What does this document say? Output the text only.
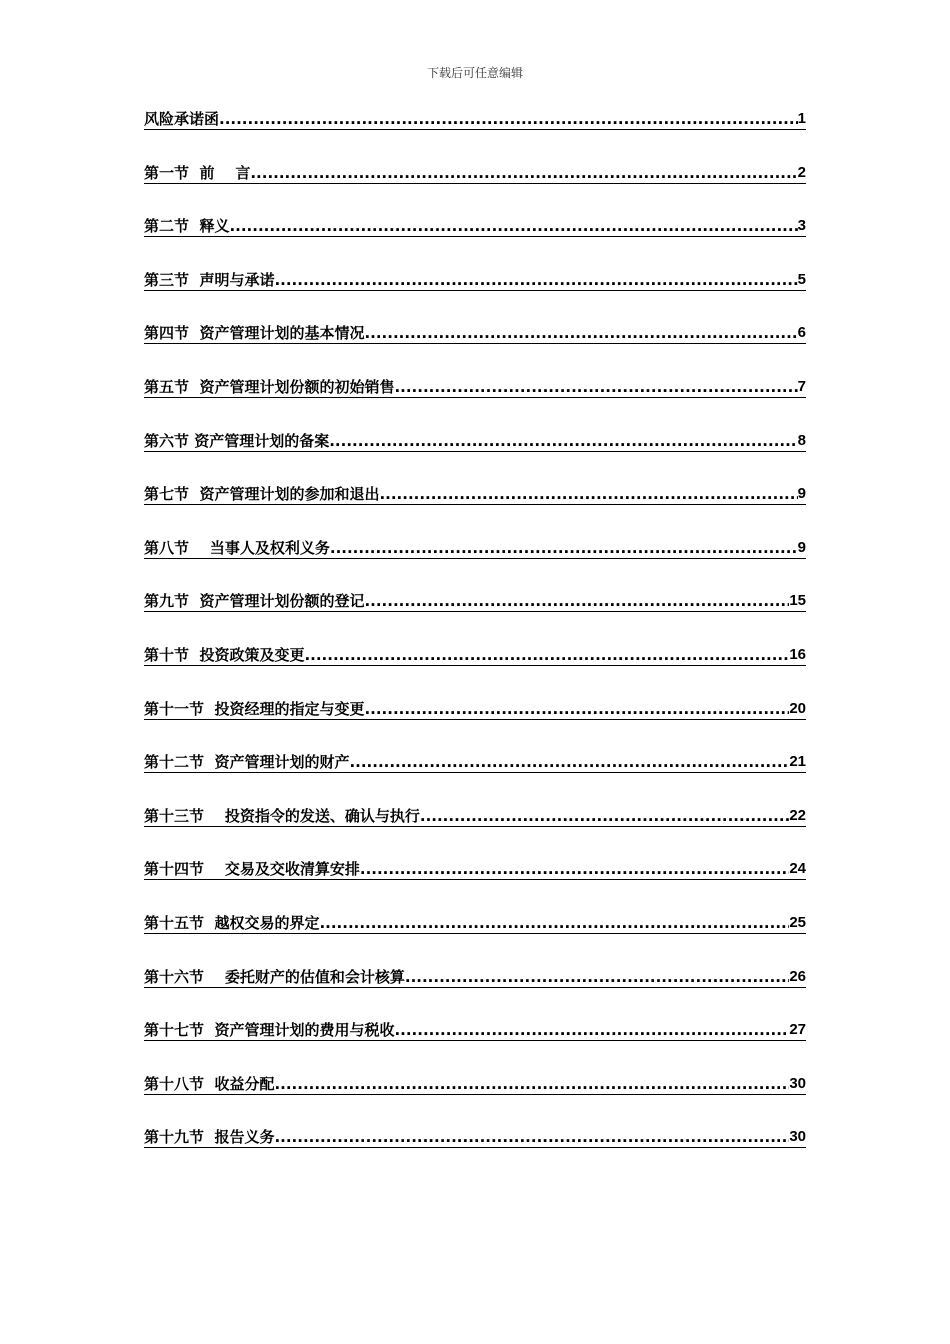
下载后可任意编辑
风险承诺函 .....	1
第一节  前    言 .....	2
第二节  释义 .....	3
第三节  声明与承诺 .....	5
第四节  资产管理计划的基本情况 .....	6
第五节  资产管理计划份额的初始销售 .....	7
第六节 资产管理计划的备案 .....	8
第七节  资产管理计划的参加和退出 .....	9
第八节    当事人及权利义务 .....	9
第九节  资产管理计划份额的登记 .....	15
第十节  投资政策及变更 .....	16
第十一节  投资经理的指定与变更 .....	20
第十二节  资产管理计划的财产 .....	21
第十三节    投资指令的发送、确认与执行 .....	22
第十四节    交易及交收清算安排 .....	24
第十五节  越权交易的界定 .....	25
第十六节    委托财产的估值和会计核算 .....	26
第十七节  资产管理计划的费用与税收 .....	27
第十八节  收益分配 .....	30
第十九节  报告义务 .....	30
